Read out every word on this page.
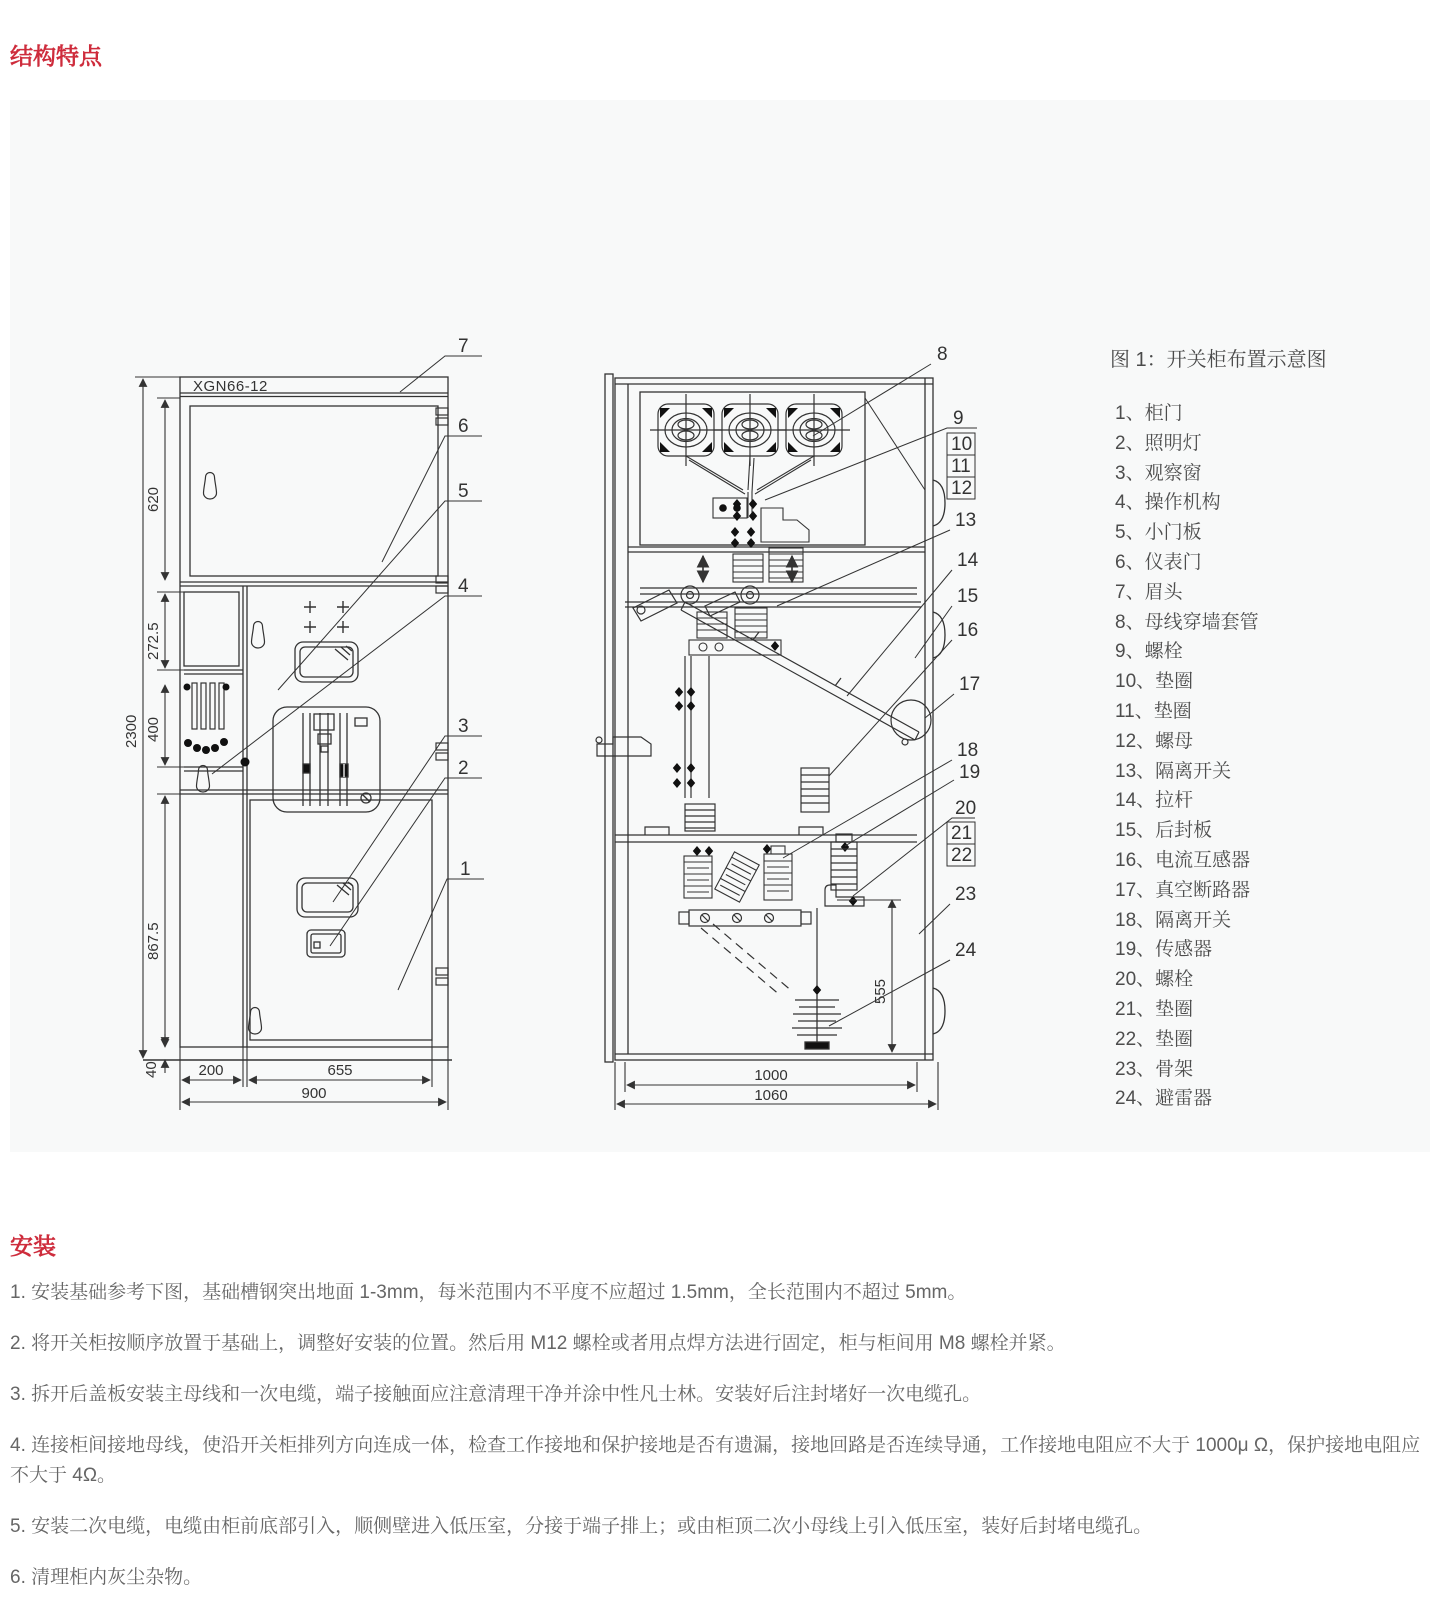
结构特点
XGN66-12
2300
620
272.5
400
867.5
40	200	655
900
7
6
5
4
3
2
1
555
1000
1060
8
9
10
11
12
13
14
15
16
17
18
19
20
21
22
23
24
图 1：开关柜布置示意图
1、柜门
2、照明灯
3、观察窗
4、操作机构
5、小门板
6、仪表门
7、眉头
8、母线穿墙套管
9、螺栓
10、垫圈
11、垫圈
12、螺母
13、隔离开关
14、拉杆
15、后封板
16、电流互感器
17、真空断路器
18、隔离开关
19、传感器
20、螺栓
21、垫圈
22、垫圈
23、骨架
24、避雷器
安装

1. 安装基础参考下图，基础槽钢突出地面 1-3mm，每米范围内不平度不应超过 1.5mm，全长范围内不超过 5mm。

2. 将开关柜按顺序放置于基础上，调整好安装的位置。然后用 M12 螺栓或者用点焊方法进行固定，柜与柜间用 M8 螺栓并紧。

3. 拆开后盖板安装主母线和一次电缆，端子接触面应注意清理干净并涂中性凡士林。安装好后注封堵好一次电缆孔。

4. 连接柜间接地母线，使沿开关柜排列方向连成一体，检查工作接地和保护接地是否有遗漏，接地回路是否连续导通，工作接地电阻应不大于 1000μ Ω，保护接地电阻应不大于 4Ω。

5. 安装二次电缆，电缆由柜前底部引入，顺侧壁进入低压室，分接于端子排上；或由柜顶二次小母线上引入低压室，装好后封堵电缆孔。

6. 清理柜内灰尘杂物。
